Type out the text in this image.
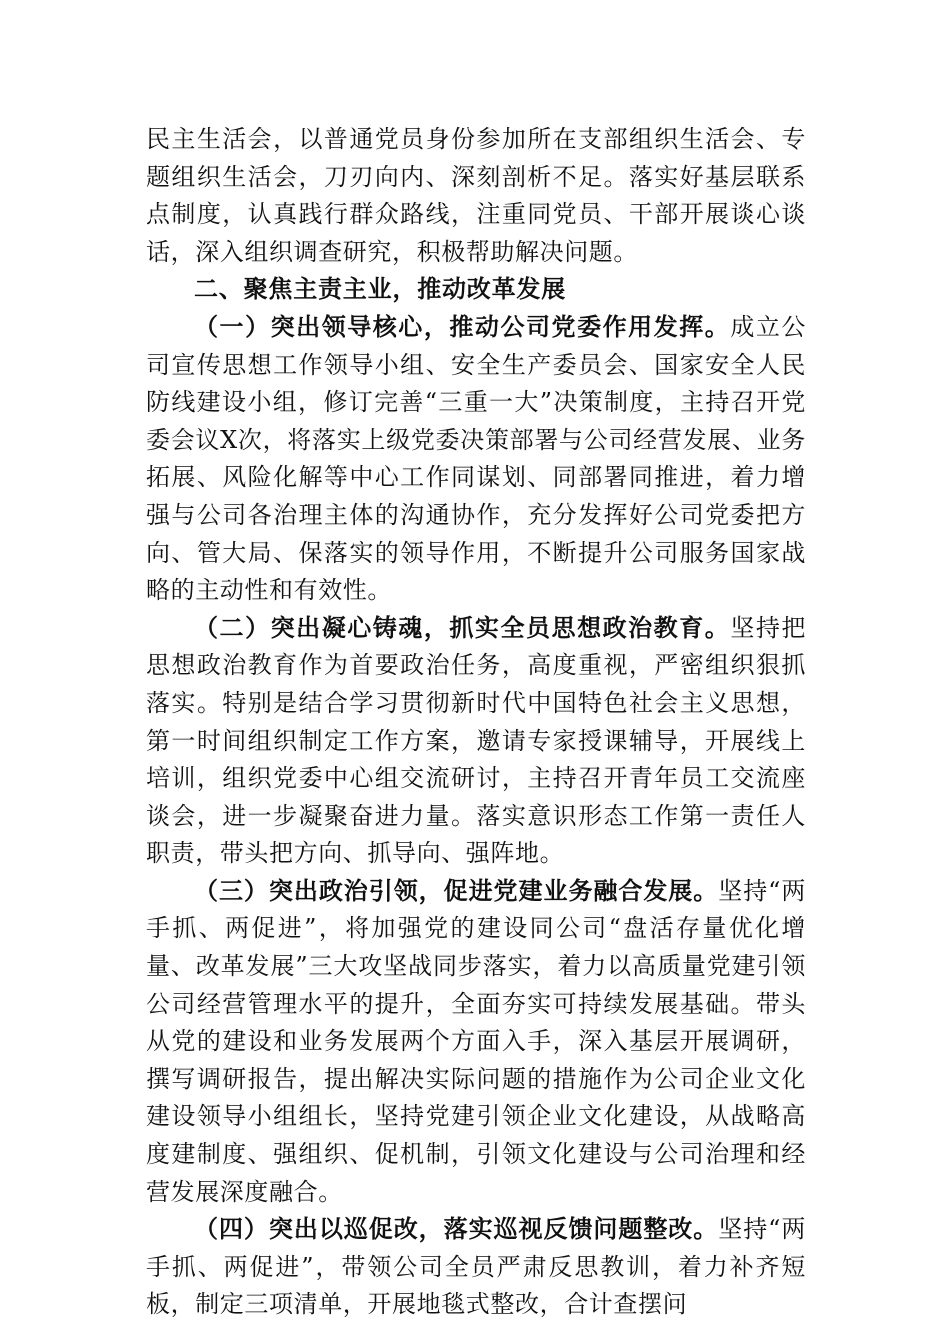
民主生活会，以普通党员身份参加所在支部组织生活会、专题组织生活会，刀刃向内、深刻剖析不足。落实好基层联系点制度，认真践行群众路线，注重同党员、干部开展谈心谈话，深入组织调查研究，积极帮助解决问题。

二、聚焦主责主业，推动改革发展

（一）突出领导核心，推动公司党委作用发挥。成立公司宣传思想工作领导小组、安全生产委员会、国家安全人民防线建设小组，修订完善“三重一大”决策制度，主持召开党委会议X次，将落实上级党委决策部署与公司经营发展、业务拓展、风险化解等中心工作同谋划、同部署同推进，着力增强与公司各治理主体的沟通协作，充分发挥好公司党委把方向、管大局、保落实的领导作用，不断提升公司服务国家战略的主动性和有效性。

（二）突出凝心铸魂，抓实全员思想政治教育。坚持把思想政治教育作为首要政治任务，高度重视，严密组织狠抓落实。特别是结合学习贯彻新时代中国特色社会主义思想，第一时间组织制定工作方案，邀请专家授课辅导，开展线上培训，组织党委中心组交流研讨，主持召开青年员工交流座谈会，进一步凝聚奋进力量。落实意识形态工作第一责任人职责，带头把方向、抓导向、强阵地。

（三）突出政治引领，促进党建业务融合发展。坚持“两手抓、两促进”，将加强党的建设同公司“盘活存量优化增量、改革发展”三大攻坚战同步落实，着力以高质量党建引领公司经营管理水平的提升，全面夯实可持续发展基础。带头从党的建设和业务发展两个方面入手，深入基层开展调研，撰写调研报告，提出解决实际问题的措施作为公司企业文化建设领导小组组长，坚持党建引领企业文化建设，从战略高度建制度、强组织、促机制，引领文化建设与公司治理和经营发展深度融合。

（四）突出以巡促改，落实巡视反馈问题整改。坚持“两手抓、两促进”，带领公司全员严肃反思教训，着力补齐短板，制定三项清单，开展地毯式整改，合计查摆问
